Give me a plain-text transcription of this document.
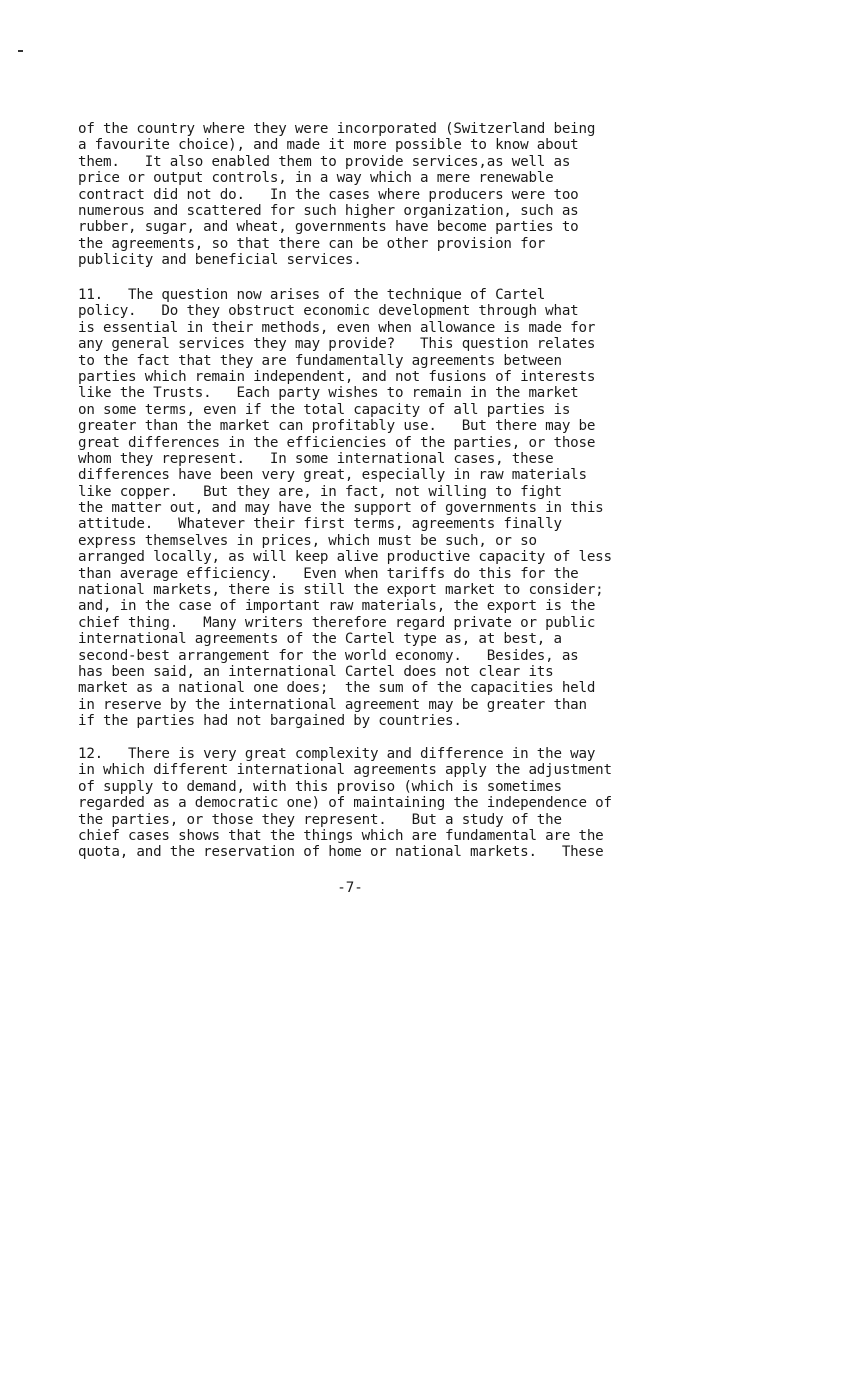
of the country where they were incorporated (Switzerland being
a favourite choice), and made it more possible to know about
them.   It also enabled them to provide services,as well as
price or output controls, in a way which a mere renewable
contract did not do.   In the cases where producers were too
numerous and scattered for such higher organization, such as
rubber, sugar, and wheat, governments have become parties to
the agreements, so that there can be other provision for
publicity and beneficial services.
11.   The question now arises of the technique of Cartel
policy.   Do they obstruct economic development through what
is essential in their methods, even when allowance is made for
any general services they may provide?   This question relates
to the fact that they are fundamentally agreements between
parties which remain independent, and not fusions of interests
like the Trusts.   Each party wishes to remain in the market
on some terms, even if the total capacity of all parties is
greater than the market can profitably use.   But there may be
great differences in the efficiencies of the parties, or those
whom they represent.   In some international cases, these
differences have been very great, especially in raw materials
like copper.   But they are, in fact, not willing to fight
the matter out, and may have the support of governments in this
attitude.   Whatever their first terms, agreements finally
express themselves in prices, which must be such, or so
arranged locally, as will keep alive productive capacity of less
than average efficiency.   Even when tariffs do this for the
national markets, there is still the export market to consider;
and, in the case of important raw materials, the export is the
chief thing.   Many writers therefore regard private or public
international agreements of the Cartel type as, at best, a
second-best arrangement for the world economy.   Besides, as
has been said, an international Cartel does not clear its
market as a national one does;  the sum of the capacities held
in reserve by the international agreement may be greater than
if the parties had not bargained by countries.
12.   There is very great complexity and difference in the way
in which different international agreements apply the adjustment
of supply to demand, with this proviso (which is sometimes
regarded as a democratic one) of maintaining the independence of
the parties, or those they represent.   But a study of the
chief cases shows that the things which are fundamental are the
quota, and the reservation of home or national markets.   These
-7-
